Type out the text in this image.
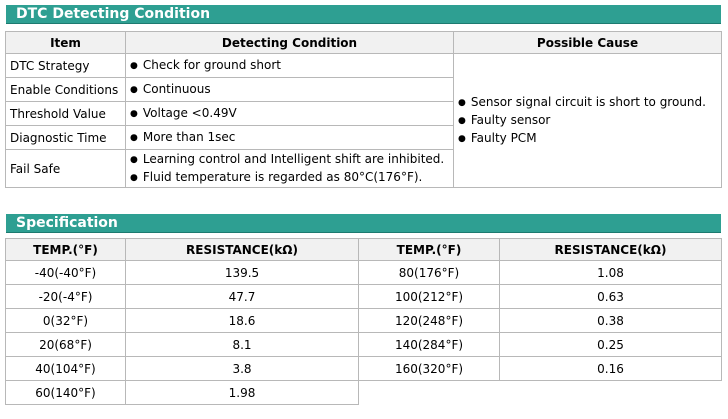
DTC Detecting Condition
Item	Detecting Condition	Possible Cause
DTC Strategy	● Check for ground short	● Sensor signal circuit is short to ground.
● Faulty sensor
● Faulty PCM

Enable Conditions	● Continuous

Threshold Value	● Voltage <0.49V

Diagnostic Time	● More than 1sec

Fail Safe	● Learning control and Intelligent shift are inhibited.
● Fluid temperature is regarded as 80°C(176°F).
Specification
TEMP.(°F)	RESISTANCE(kΩ)	TEMP.(°F)	RESISTANCE(kΩ)
-40(-40°F)	139.5	80(176°F)	1.08
-20(-4°F)	47.7	100(212°F)	0.63
0(32°F)	18.6	120(248°F)	0.38
20(68°F)	8.1	140(284°F)	0.25
40(104°F)	3.8	160(320°F)	0.16
60(140°F)	1.98		
